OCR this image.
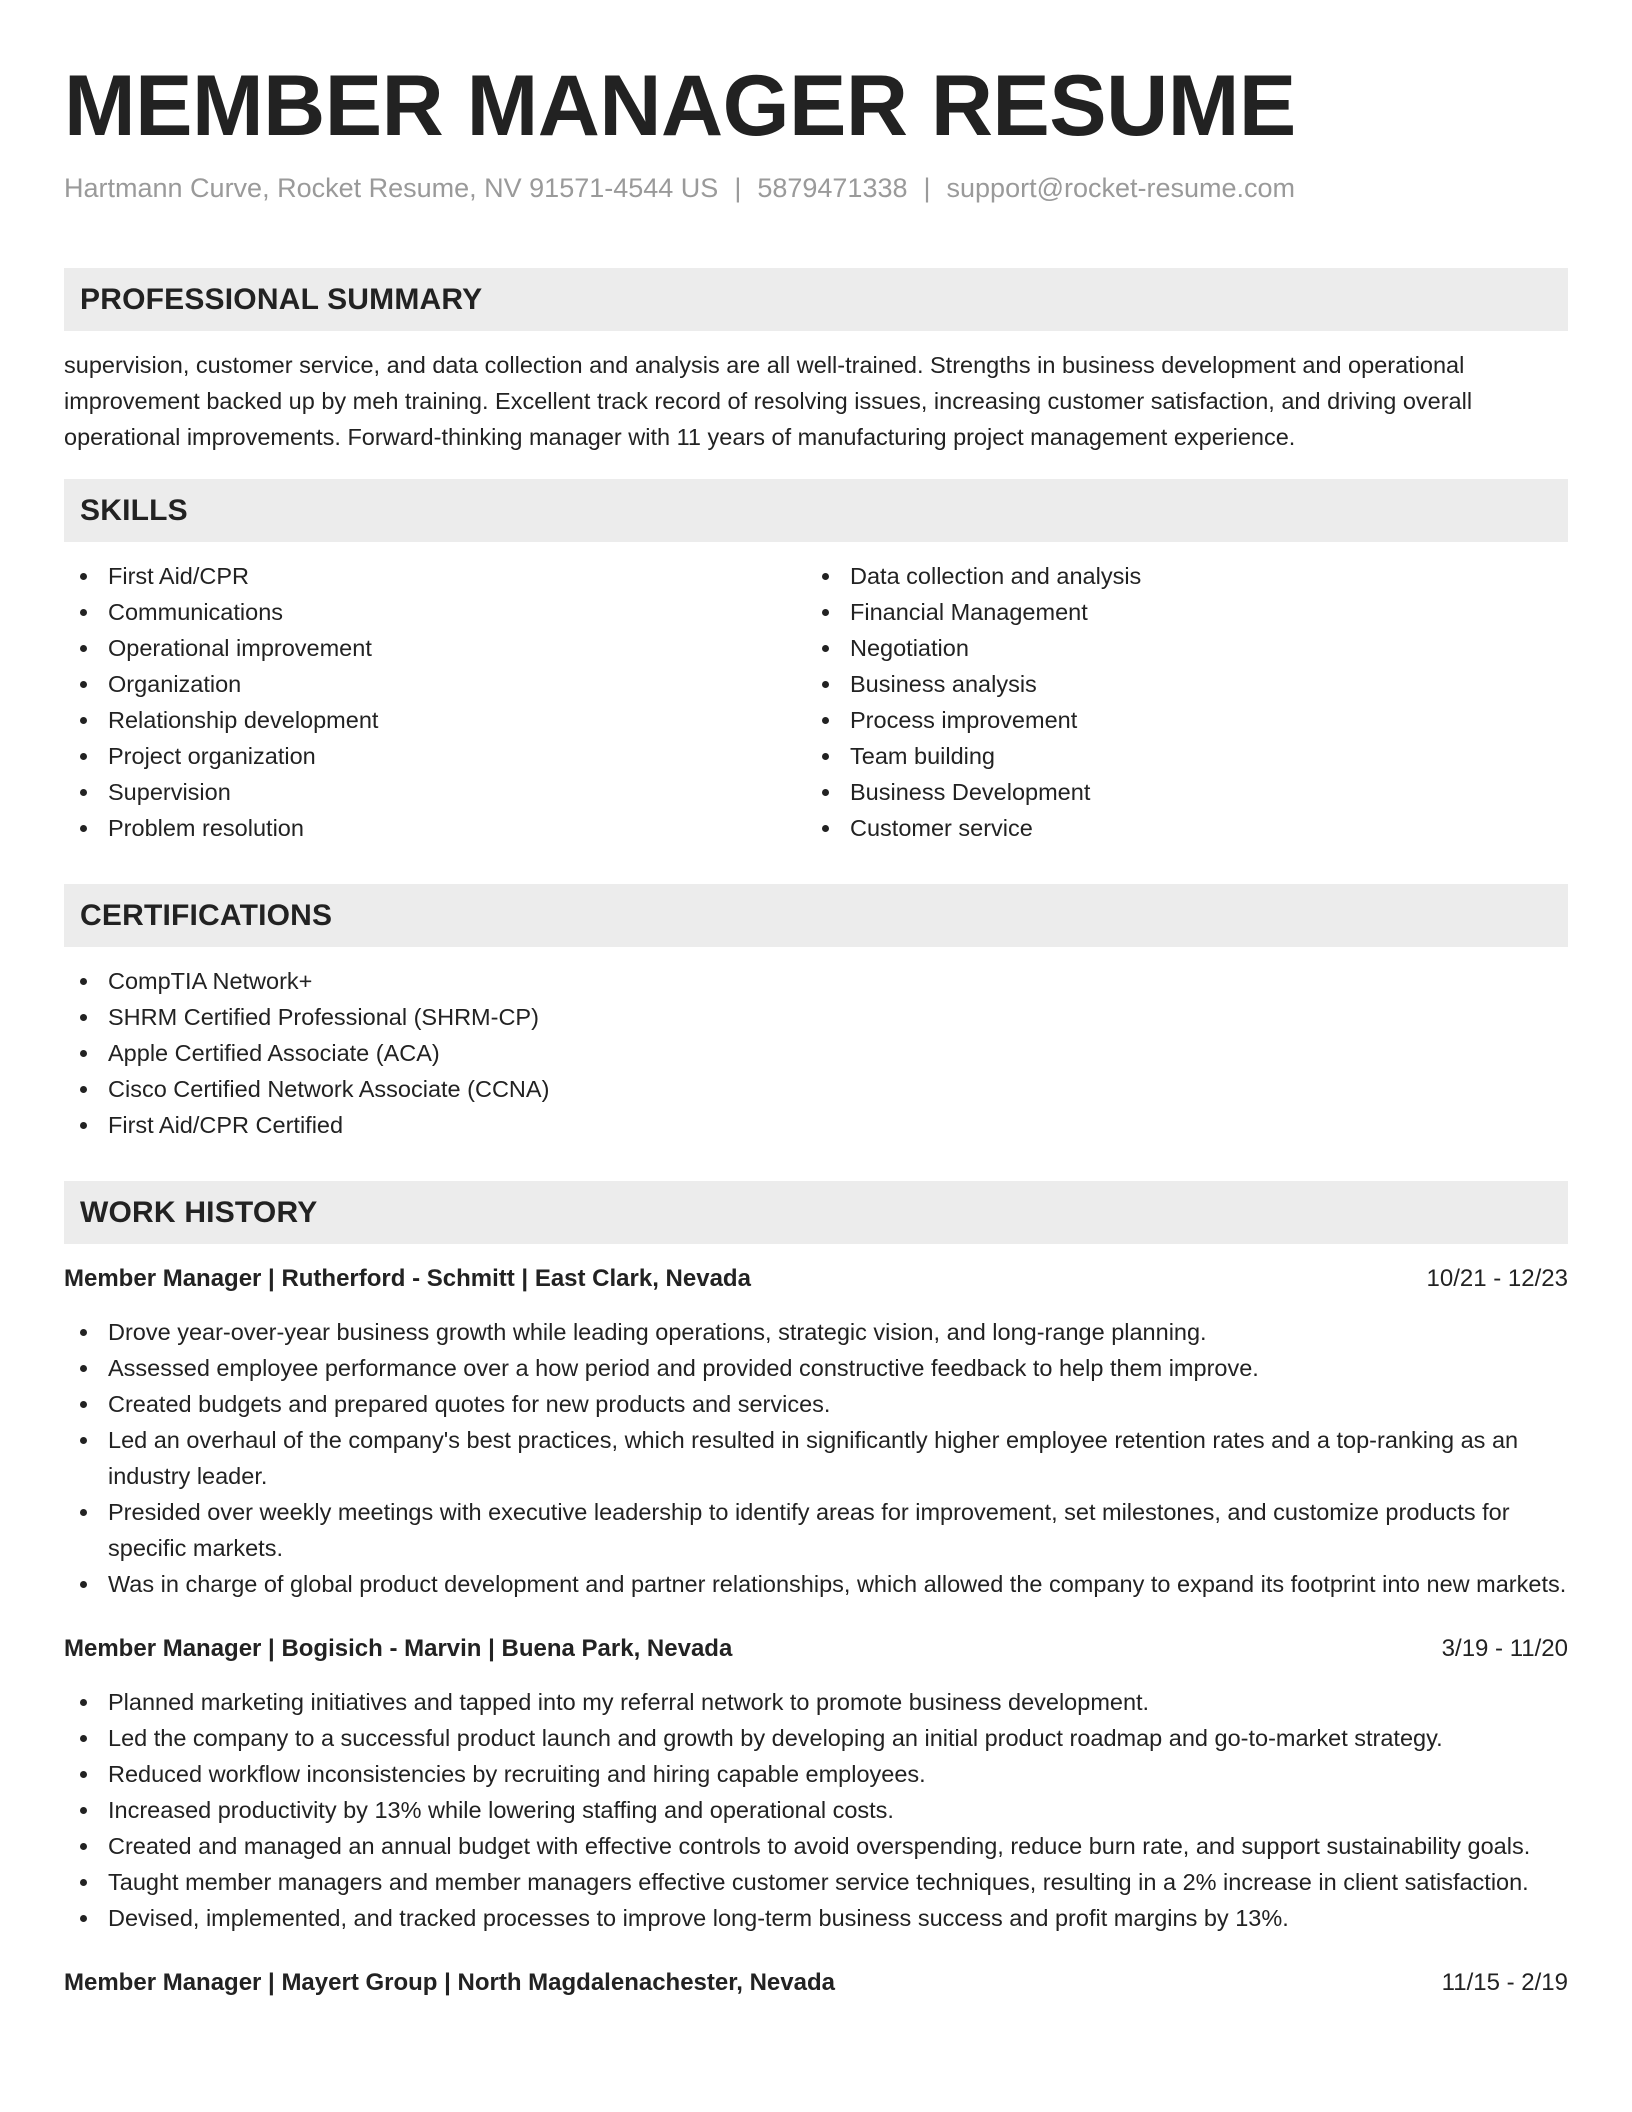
MEMBER MANAGER RESUME
Hartmann Curve, Rocket Resume, NV 91571-4544 US | 5879471338 | support@rocket-resume.com
PROFESSIONAL SUMMARY

supervision, customer service, and data collection and analysis are all well-trained. Strengths in business development and operational improvement backed up by meh training. Excellent track record of resolving issues, increasing customer satisfaction, and driving overall operational improvements. Forward-thinking manager with 11 years of manufacturing project management experience.

SKILLS
First Aid/CPR
Communications
Operational improvement
Organization
Relationship development
Project organization
Supervision
Problem resolution
Data collection and analysis
Financial Management
Negotiation
Business analysis
Process improvement
Team building
Business Development
Customer service
CERTIFICATIONS
CompTIA Network+
SHRM Certified Professional (SHRM-CP)
Apple Certified Associate (ACA)
Cisco Certified Network Associate (CCNA)
First Aid/CPR Certified
WORK HISTORY
Member Manager | Rutherford - Schmitt | East Clark, Nevada	10/21 - 12/23
Drove year-over-year business growth while leading operations, strategic vision, and long-range planning.
Assessed employee performance over a how period and provided constructive feedback to help them improve.
Created budgets and prepared quotes for new products and services.
Led an overhaul of the company's best practices, which resulted in significantly higher employee retention rates and a top-ranking as an industry leader.
Presided over weekly meetings with executive leadership to identify areas for improvement, set milestones, and customize products for specific markets.
Was in charge of global product development and partner relationships, which allowed the company to expand its footprint into new markets.
Member Manager | Bogisich - Marvin | Buena Park, Nevada	3/19 - 11/20
Planned marketing initiatives and tapped into my referral network to promote business development.
Led the company to a successful product launch and growth by developing an initial product roadmap and go-to-market strategy.
Reduced workflow inconsistencies by recruiting and hiring capable employees.
Increased productivity by 13% while lowering staffing and operational costs.
Created and managed an annual budget with effective controls to avoid overspending, reduce burn rate, and support sustainability goals.
Taught member managers and member managers effective customer service techniques, resulting in a 2% increase in client satisfaction.
Devised, implemented, and tracked processes to improve long-term business success and profit margins by 13%.
Member Manager | Mayert Group | North Magdalenachester, Nevada	11/15 - 2/19
